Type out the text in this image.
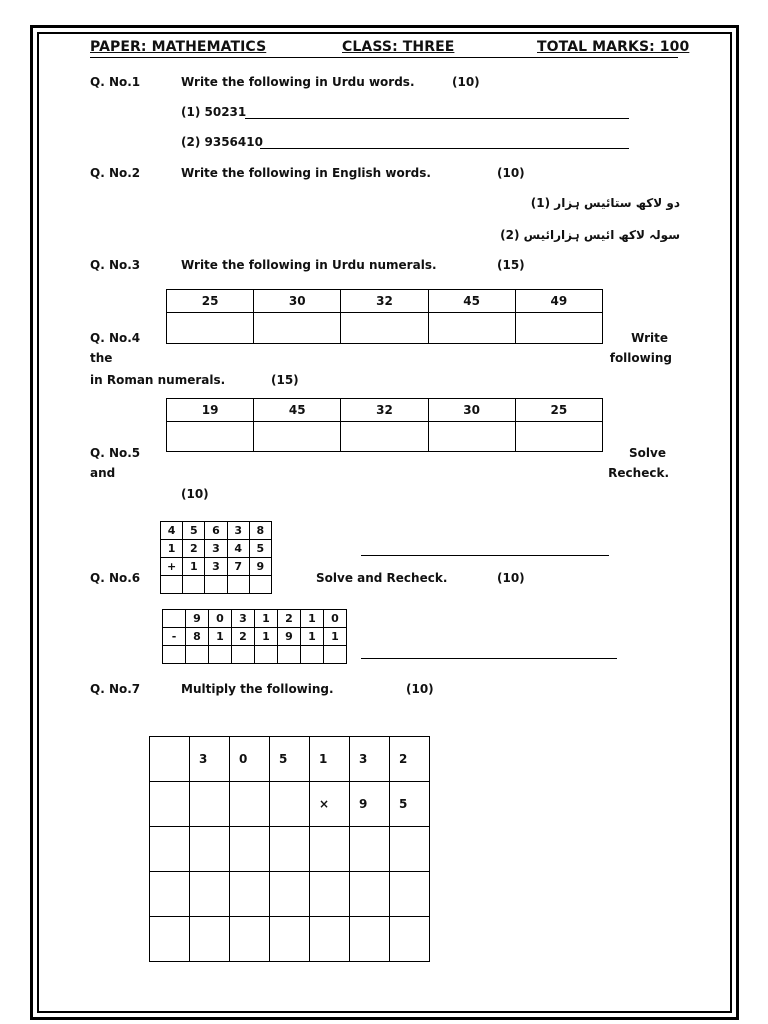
PAPER: MATHEMATICS	CLASS: THREE	TOTAL MARKS: 100
Q. No.1	Write the following in Urdu words.	(10)
(1) 50231
(2) 9356410
Q. No.2	Write the following in English words.	(10)
دو لاکھ ستائیس ہزار (1)
سولہ لاکھ ائیس ہزارائیس (2)
Q. No.3	Write the following in Urdu numerals.	(15)
25	30	32	45	49

Q. No.4	Write
the	following
in Roman numerals.	(15)
19	45	32	30	25

Q. No.5	Solve
and	Recheck.
(10)
4	5	6	3	8
1	2	3	4	5
+	1	3	7	9

Q. No.6	Solve and Recheck.	(10)
	9	0	3	1	2	1	0
-	8	1	2	1	9	1	1

Q. No.7	Multiply the following.	(10)
	3	0	5	1	3	2
				×	9	5
